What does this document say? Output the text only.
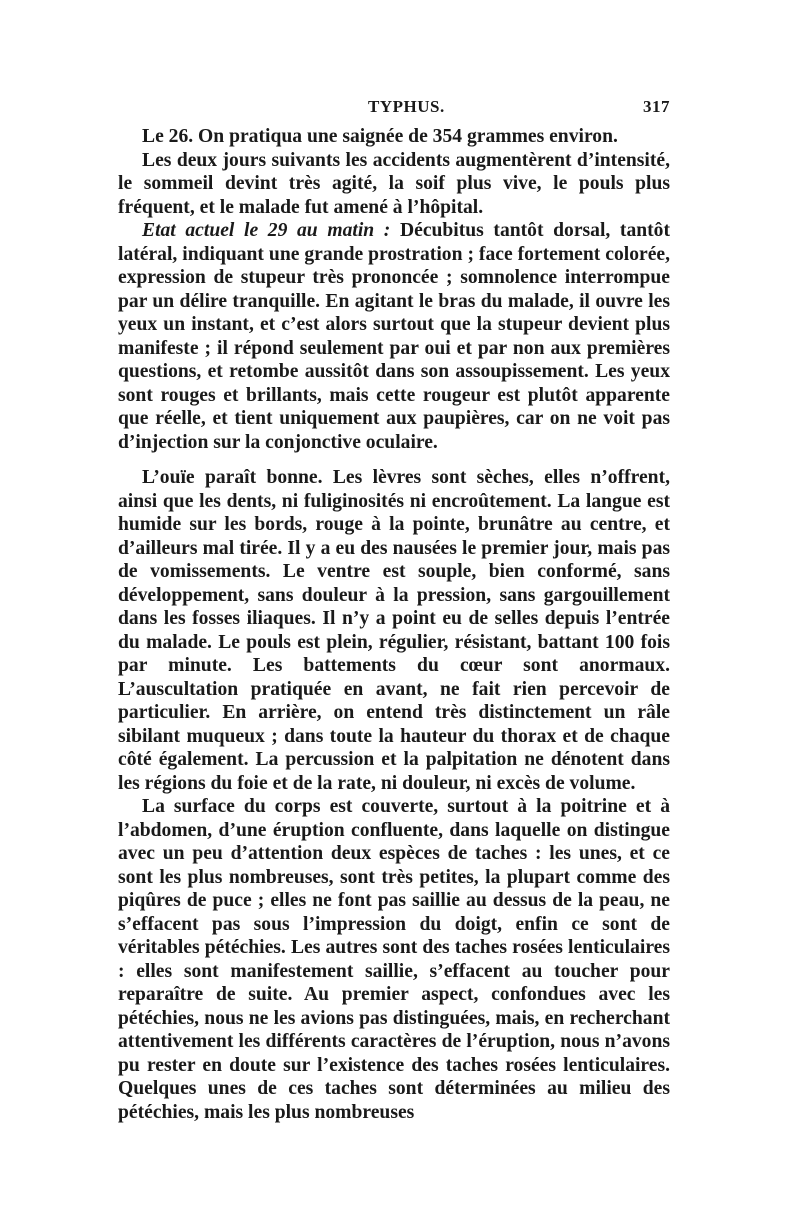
TYPHUS.	317

Le 26. On pratiqua une saignée de 354 grammes environ.

Les deux jours suivants les accidents augmentèrent d’intensité, le sommeil devint très agité, la soif plus vive, le pouls plus fréquent, et le malade fut amené à l’hôpital.

Etat actuel le 29 au matin : Décubitus tantôt dorsal, tantôt latéral, indiquant une grande prostration ; face fortement colorée, expression de stupeur très prononcée ; somnolence interrompue par un délire tranquille. En agitant le bras du malade, il ouvre les yeux un instant, et c’est alors surtout que la stupeur devient plus manifeste ; il répond seulement par oui et par non aux premières questions, et retombe aussitôt dans son assoupissement. Les yeux sont rouges et brillants, mais cette rougeur est plutôt apparente que réelle, et tient uniquement aux paupières, car on ne voit pas d’injection sur la conjonctive oculaire.

L’ouïe paraît bonne. Les lèvres sont sèches, elles n’offrent, ainsi que les dents, ni fuliginosités ni encroûtement. La langue est humide sur les bords, rouge à la pointe, brunâtre au centre, et d’ailleurs mal tirée. Il y a eu des nausées le premier jour, mais pas de vomissements. Le ventre est souple, bien conformé, sans développement, sans douleur à la pression, sans gargouillement dans les fosses iliaques. Il n’y a point eu de selles depuis l’entrée du malade. Le pouls est plein, régulier, résistant, battant 100 fois par minute. Les battements du cœur sont anormaux. L’auscultation pratiquée en avant, ne fait rien percevoir de particulier. En arrière, on entend très distinctement un râle sibilant muqueux ; dans toute la hauteur du thorax et de chaque côté également. La percussion et la palpitation ne dénotent dans les régions du foie et de la rate, ni douleur, ni excès de volume.

La surface du corps est couverte, surtout à la poitrine et à l’abdomen, d’une éruption confluente, dans laquelle on distingue avec un peu d’attention deux espèces de taches : les unes, et ce sont les plus nombreuses, sont très petites, la plupart comme des piqûres de puce ; elles ne font pas saillie au dessus de la peau, ne s’effacent pas sous l’impression du doigt, enfin ce sont de véritables pétéchies. Les autres sont des taches rosées lenticulaires : elles sont manifestement saillie, s’effacent au toucher pour reparaître de suite. Au premier aspect, confondues avec les pétéchies, nous ne les avions pas distinguées, mais, en recherchant attentivement les différents caractères de l’éruption, nous n’avons pu rester en doute sur l’existence des taches rosées lenticulaires. Quelques unes de ces taches sont déterminées au milieu des pétéchies, mais les plus nombreuses
